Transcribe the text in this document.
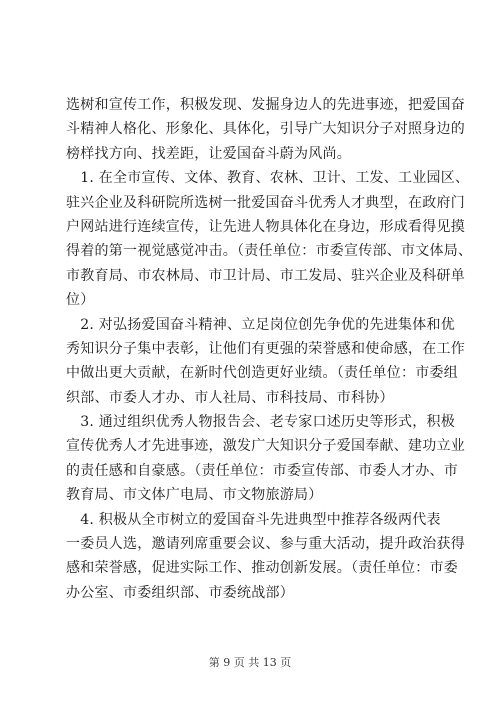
选树和宣传工作，积极发现、发掘身边人的先进事迹，把爱国奋
斗精神人格化、形象化、具体化，引导广大知识分子对照身边的
榜样找方向、找差距，让爱国奋斗蔚为风尚。
　1. 在全市宣传、文体、教育、农林、卫计、工发、工业园区、
驻兴企业及科研院所选树一批爱国奋斗优秀人才典型，在政府门
户网站进行连续宣传，让先进人物具体化在身边，形成看得见摸
得着的第一视觉感觉冲击。（责任单位：市委宣传部、市文体局、
市教育局、市农林局、市卫计局、市工发局、驻兴企业及科研单
位）
　2. 对弘扬爱国奋斗精神、立足岗位创先争优的先进集体和优
秀知识分子集中表彰，让他们有更强的荣誉感和使命感，在工作
中做出更大贡献，在新时代创造更好业绩。（责任单位：市委组
织部、市委人才办、市人社局、市科技局、市科协）
　3. 通过组织优秀人物报告会、老专家口述历史等形式，积极
宣传优秀人才先进事迹，激发广大知识分子爱国奉献、建功立业
的责任感和自豪感。（责任单位：市委宣传部、市委人才办、市
教育局、市文体广电局、市文物旅游局）
　4. 积极从全市树立的爱国奋斗先进典型中推荐各级两代表
一委员人选，邀请列席重要会议、参与重大活动，提升政治获得
感和荣誉感，促进实际工作、推动创新发展。（责任单位：市委
办公室、市委组织部、市委统战部）
第 9 页 共 13 页
